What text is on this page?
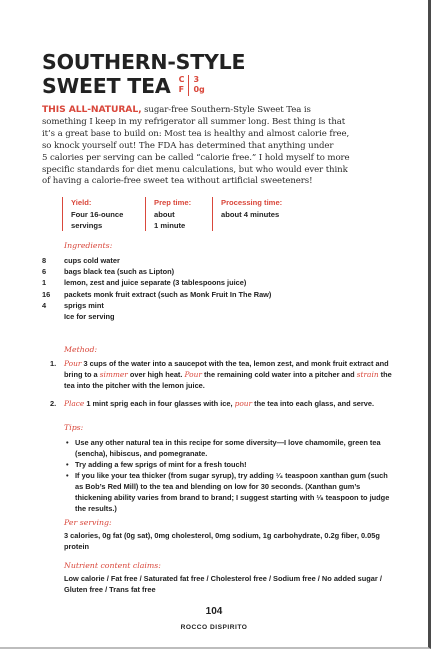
SOUTHERN-STYLE
SWEET TEA C
F
3
0g
THIS ALL-NATURAL, sugar-free Southern-Style Sweet Tea is
something I keep in my refrigerator all summer long. Best thing is that
it’s a great base to build on: Most tea is healthy and almost calorie free,
so knock yourself out! The FDA has determined that anything under
5 calories per serving can be called “calorie free.” I hold myself to more
specific standards for diet menu calculations, but who would ever think
of having a calorie-free sweet tea without artificial sweeteners!
Yield:
Four 16-ounce
servings
Prep time:
about
1 minute
Processing time:
about 4 minutes
Ingredients:
8	cups cold water
6	bags black tea (such as Lipton)
1	lemon, zest and juice separate (3 tablespoons juice)
16	packets monk fruit extract (such as Monk Fruit In The Raw)
4	sprigs mint
Ice for serving
Method:
1.	Pour 3 cups of the water into a saucepot with the tea, lemon zest, and monk fruit extract and bring to a simmer over high heat. Pour the remaining cold water into a pitcher and strain the tea into the pitcher with the lemon juice.
2.	Place 1 mint sprig each in four glasses with ice, pour the tea into each glass, and serve.
Tips:
• Use any other natural tea in this recipe for some diversity—I love chamomile, green tea (sencha), hibiscus, and pomegranate.
• Try adding a few sprigs of mint for a fresh touch!
• If you like your tea thicker (from sugar syrup), try adding ¹⁄₄ teaspoon xanthan gum (such as Bob’s Red Mill) to the tea and blending on low for 30 seconds. (Xanthan gum’s thickening ability varies from brand to brand; I suggest starting with ¹⁄₈ teaspoon to judge the results.)
Per serving:
3 calories, 0g fat (0g sat), 0mg cholesterol, 0mg sodium, 1g carbohydrate, 0.2g fiber, 0.05g protein
Nutrient content claims:
Low calorie / Fat free / Saturated fat free / Cholesterol free / Sodium free / No added sugar / Gluten free / Trans fat free
104
ROCCO DISPIRITO
